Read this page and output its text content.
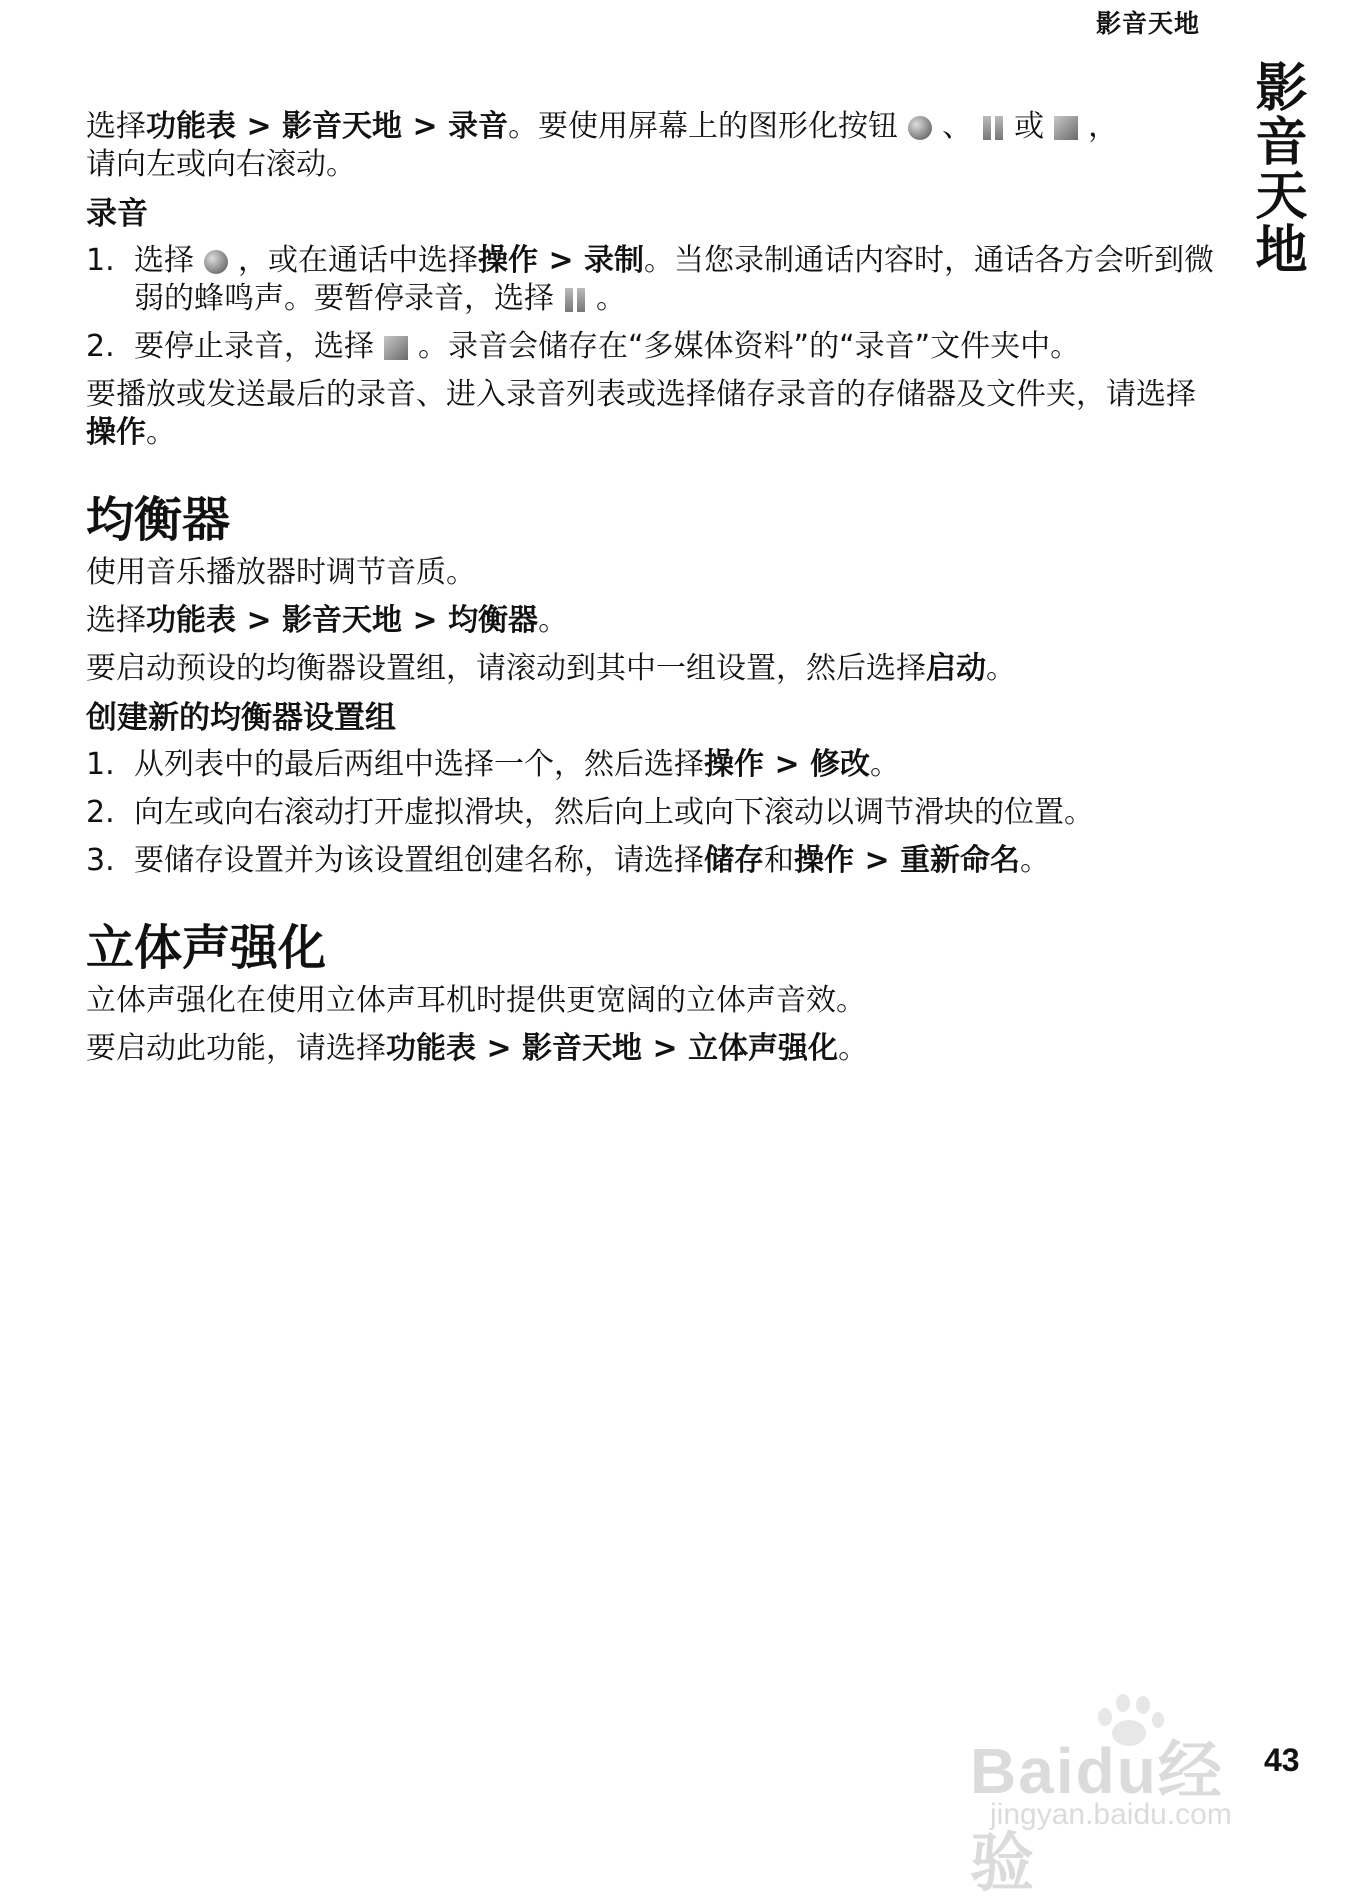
影音天地
影音天地

选择功能表 > 影音天地 > 录音。要使用屏幕上的图形化按钮 、 或 ，
请向左或向右滚动。

录音
1. 选择 ，或在通话中选择操作 > 录制。当您录制通话内容时，通话各方会听到微弱的蜂鸣声。要暂停录音，选择 。
2. 要停止录音，选择 。录音会储存在“多媒体资料”的“录音”文件夹中。

要播放或发送最后的录音、进入录音列表或选择储存录音的存储器及文件夹，请选择操作。

均衡器

使用音乐播放器时调节音质。

选择功能表 > 影音天地 > 均衡器。

要启动预设的均衡器设置组，请滚动到其中一组设置，然后选择启动。

创建新的均衡器设置组
1. 从列表中的最后两组中选择一个，然后选择操作 > 修改。
2. 向左或向右滚动打开虚拟滑块，然后向上或向下滚动以调节滑块的位置。
3. 要储存设置并为该设置组创建名称，请选择储存和操作 > 重新命名。
立体声强化

立体声强化在使用立体声耳机时提供更宽阔的立体声音效。

要启动此功能，请选择功能表 > 影音天地 > 立体声强化。

Baidu经验
jingyan.baidu.com
43
